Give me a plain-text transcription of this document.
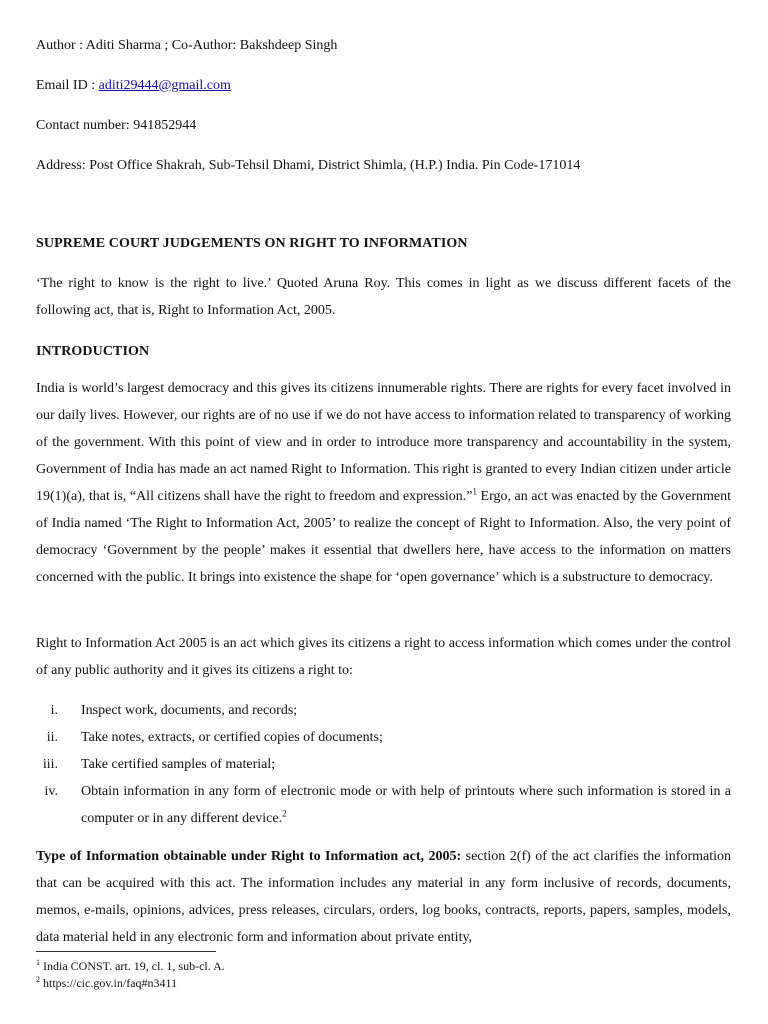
Author : Aditi Sharma ; Co-Author: Bakshdeep Singh
Email ID : aditi29444@gmail.com
Contact number: 941852944
Address: Post Office Shakrah, Sub-Tehsil Dhami, District Shimla, (H.P.) India. Pin Code-171014
SUPREME COURT JUDGEMENTS ON RIGHT TO INFORMATION

‘The right to know is the right to live.’ Quoted Aruna Roy. This comes in light as we discuss different facets of the following act, that is, Right to Information Act, 2005.

INTRODUCTION

India is world’s largest democracy and this gives its citizens innumerable rights. There are rights for every facet involved in our daily lives. However, our rights are of no use if we do not have access to information related to transparency of working of the government. With this point of view and in order to introduce more transparency and accountability in the system, Government of India has made an act named Right to Information. This right is granted to every Indian citizen under article 19(1)(a), that is, “All citizens shall have the right to freedom and expression.”$^1$ Ergo, an act was enacted by the Government of India named ‘The Right to Information Act, 2005’ to realize the concept of Right to Information. Also, the very point of democracy ‘Government by the people’ makes it essential that dwellers here, have access to the information on matters concerned with the public. It brings into existence the shape for ‘open governance’ which is a substructure to democracy.

Right to Information Act 2005 is an act which gives its citizens a right to access information which comes under the control of any public authority and it gives its citizens a right to:

i. Inspect work, documents, and records;
ii. Take notes, extracts, or certified copies of documents;
iii. Take certified samples of material;
iv. Obtain information in any form of electronic mode or with help of printouts where such information is stored in a computer or in any different device.$^2$

Type of Information obtainable under Right to Information act, 2005: section 2(f) of the act clarifies the information that can be acquired with this act. The information includes any material in any form inclusive of records, documents, memos, e-mails, opinions, advices, press releases, circulars, orders, log books, contracts, reports, papers, samples, models, data material held in any electronic form and information about private entity,

$^1$ India CONST. art. 19, cl. 1, sub-cl. A.
$^2$ https://cic.gov.in/faq#n3411
